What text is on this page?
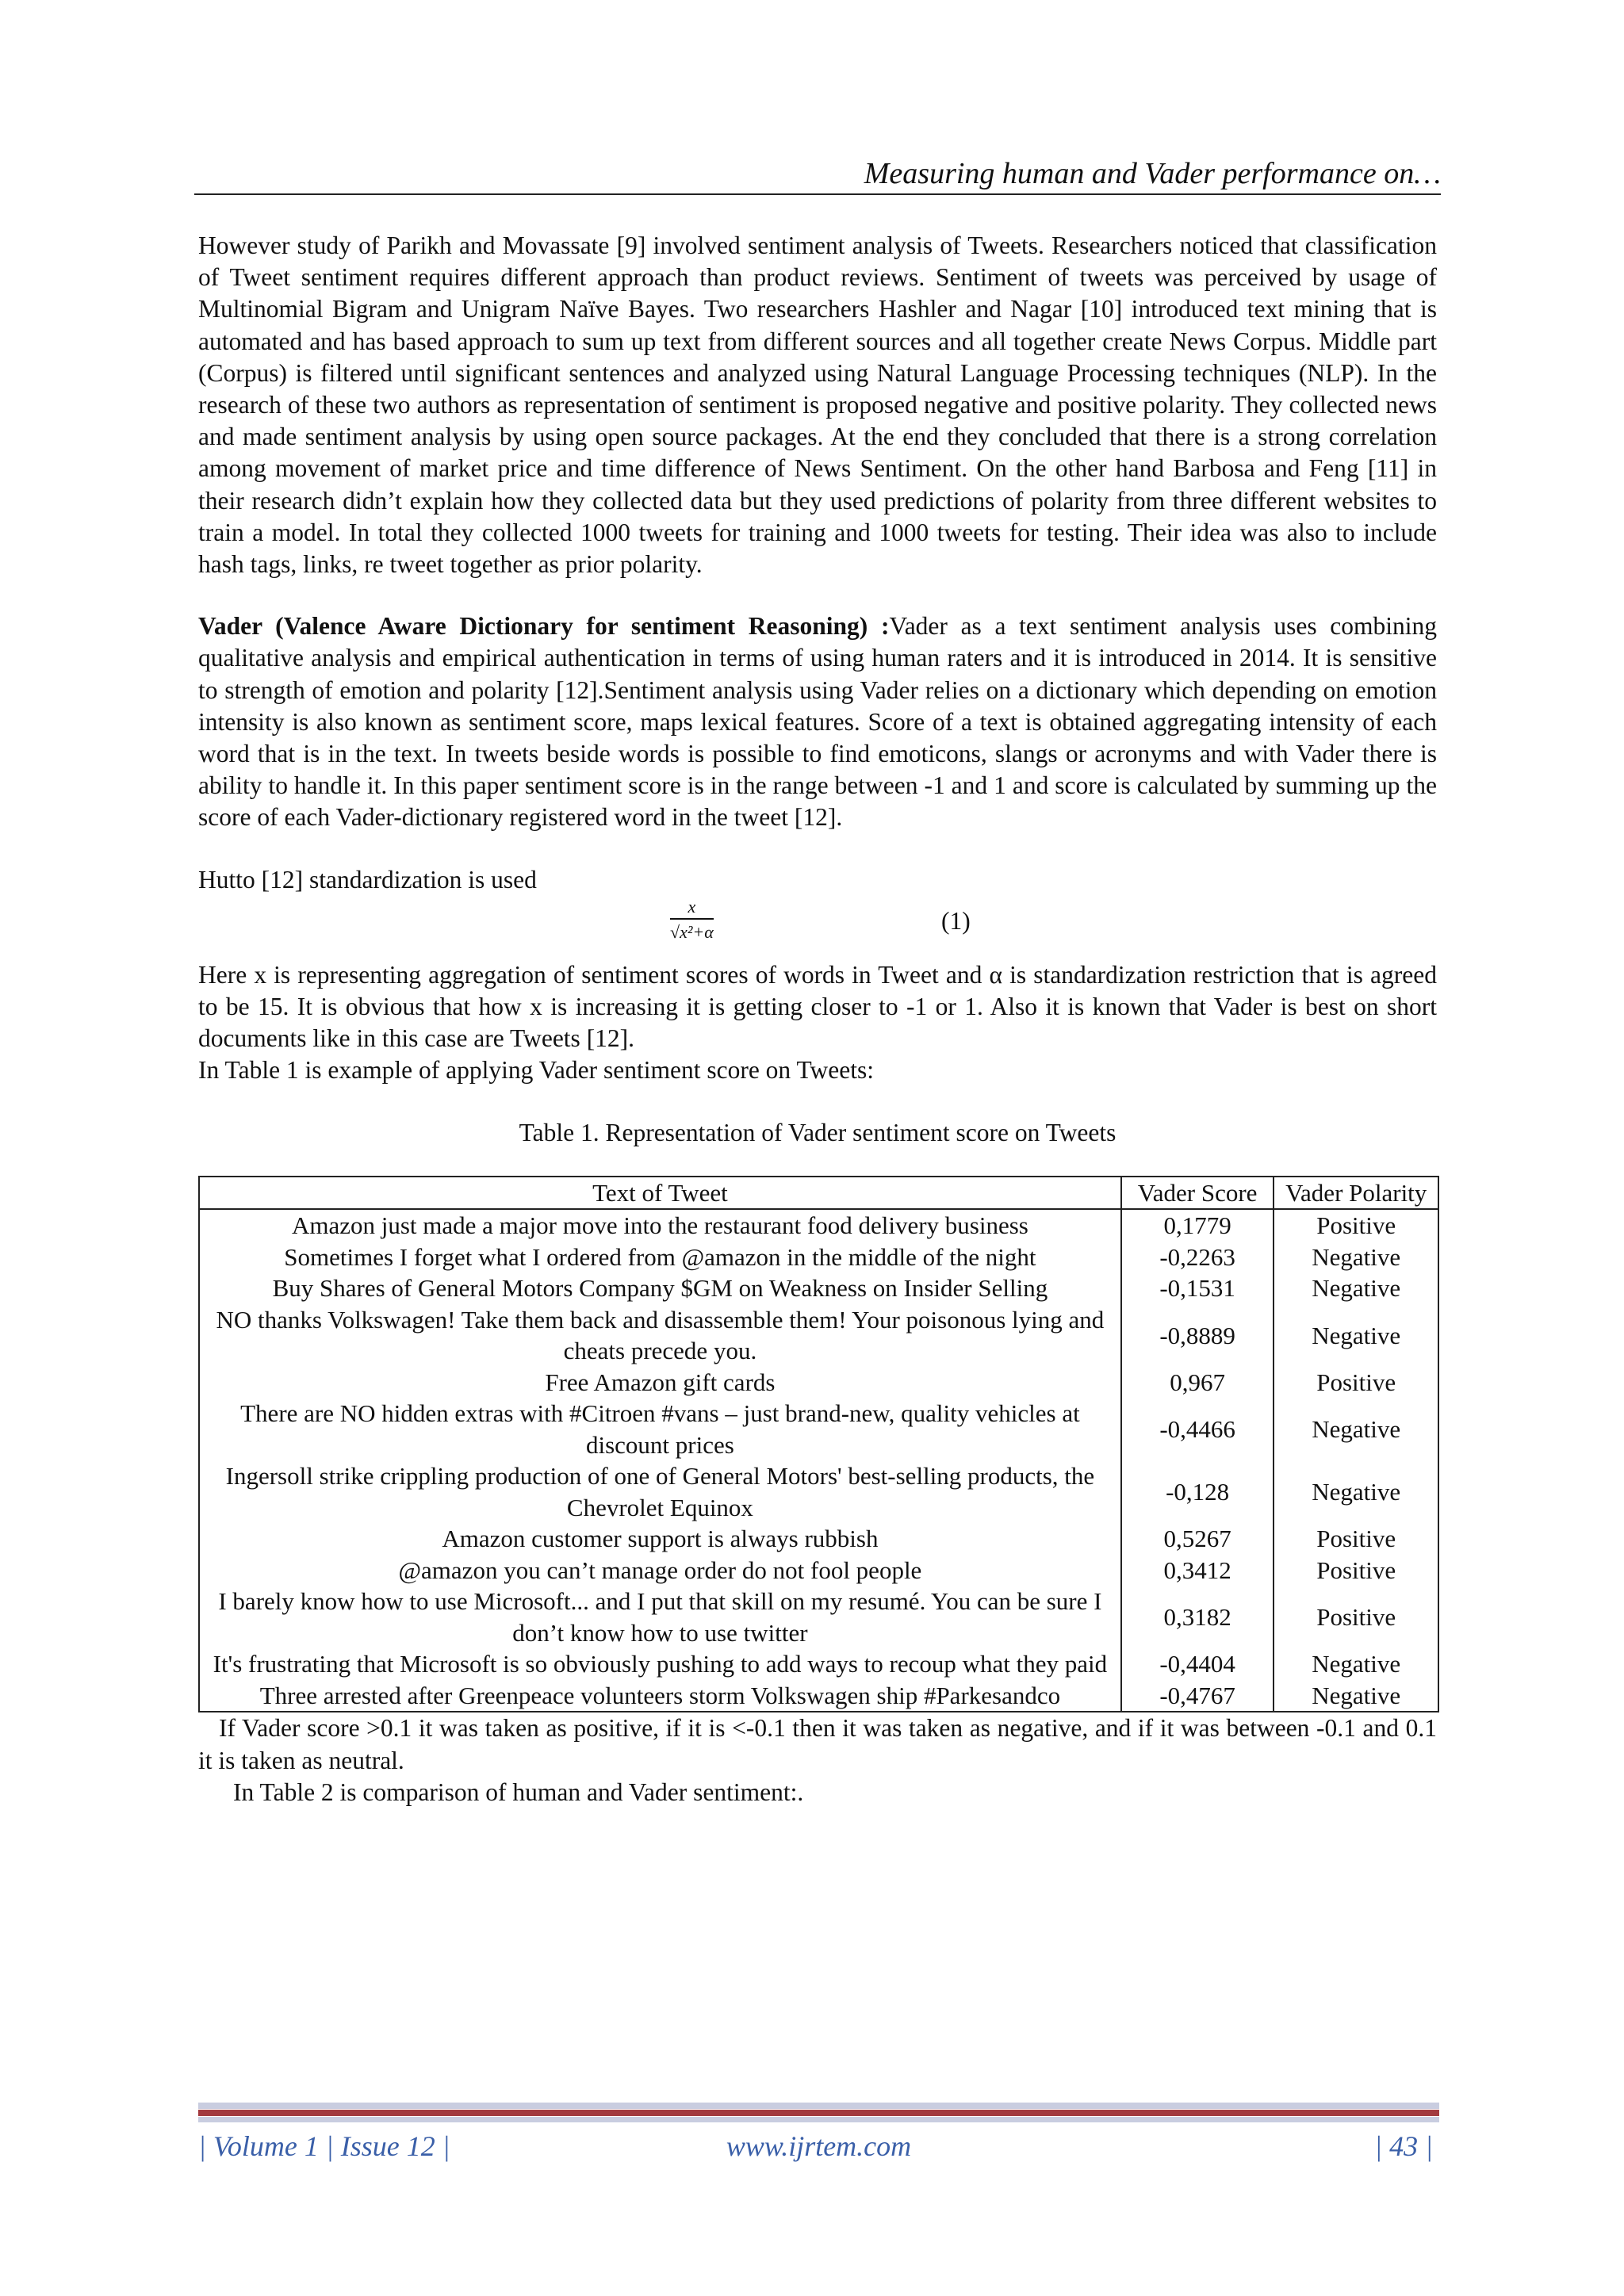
Measuring human and Vader performance on…

However study of Parikh and Movassate [9] involved sentiment analysis of Tweets. Researchers noticed that classification of Tweet sentiment requires different approach than product reviews. Sentiment of tweets was perceived by usage of Multinomial Bigram and Unigram Naïve Bayes. Two researchers Hashler and Nagar [10] introduced text mining that is automated and has based approach to sum up text from different sources and all together create News Corpus. Middle part (Corpus) is filtered until significant sentences and analyzed using Natural Language Processing techniques (NLP). In the research of these two authors as representation of sentiment is proposed negative and positive polarity. They collected news and made sentiment analysis by using open source packages. At the end they concluded that there is a strong correlation among movement of market price and time difference of News Sentiment. On the other hand Barbosa and Feng [11] in their research didn’t explain how they collected data but they used predictions of polarity from three different websites to train a model. In total they collected 1000 tweets for training and 1000 tweets for testing. Their idea was also to include hash tags, links, re tweet together as prior polarity.

Vader (Valence Aware Dictionary for sentiment Reasoning) :Vader as a text sentiment analysis uses combining qualitative analysis and empirical authentication in terms of using human raters and it is introduced in 2014. It is sensitive to strength of emotion and polarity [12].Sentiment analysis using Vader relies on a dictionary which depending on emotion intensity is also known as sentiment score, maps lexical features. Score of a text is obtained aggregating intensity of each word that is in the text. In tweets beside words is possible to find emoticons, slangs or acronyms and with Vader there is ability to handle it. In this paper sentiment score is in the range between -1 and 1 and score is calculated by summing up the score of each Vader-dictionary registered word in the tweet [12].

Hutto [12] standardization is used

$\frac{x}{\text{√x²+α}}$	(1)

Here x is representing aggregation of sentiment scores of words in Tweet and α is standardization restriction that is agreed to be 15. It is obvious that how x is increasing it is getting closer to -1 or 1. Also it is known that Vader is best on short documents like in this case are Tweets [12].

In Table 1 is example of applying Vader sentiment score on Tweets:

Table 1. Representation of Vader sentiment score on Tweets
Text of Tweet	Vader Score	Vader Polarity
Amazon just made a major move into the restaurant food delivery business	0,1779	Positive
Sometimes I forget what I ordered from @amazon in the middle of the night	-0,2263	Negative
Buy Shares of General Motors Company $GM on Weakness on Insider Selling	-0,1531	Negative
NO thanks Volkswagen! Take them back and disassemble them! Your poisonous lying and cheats precede you.	-0,8889	Negative
Free Amazon gift cards	0,967	Positive
There are NO hidden extras with #Citroen #vans – just brand-new, quality vehicles at discount prices	-0,4466	Negative
Ingersoll strike crippling production of one of General Motors' best-selling products, the Chevrolet Equinox	-0,128	Negative
Amazon customer support is always rubbish	0,5267	Positive
@amazon you can’t manage order do not fool people	0,3412	Positive
I barely know how to use Microsoft... and I put that skill on my resumé. You can be sure I don’t know how to use twitter	0,3182	Positive
It's frustrating that Microsoft is so obviously pushing to add ways to recoup what they paid	-0,4404	Negative
Three arrested after Greenpeace volunteers storm Volkswagen ship #Parkesandco	-0,4767	Negative

If Vader score >0.1 it was taken as positive, if it is <-0.1 then it was taken as negative, and if it was between -0.1 and 0.1 it is taken as neutral.

In Table 2 is comparison of human and Vader sentiment:.

| Volume 1 | Issue 12 |	www.ijrtem.com	| 43 |
